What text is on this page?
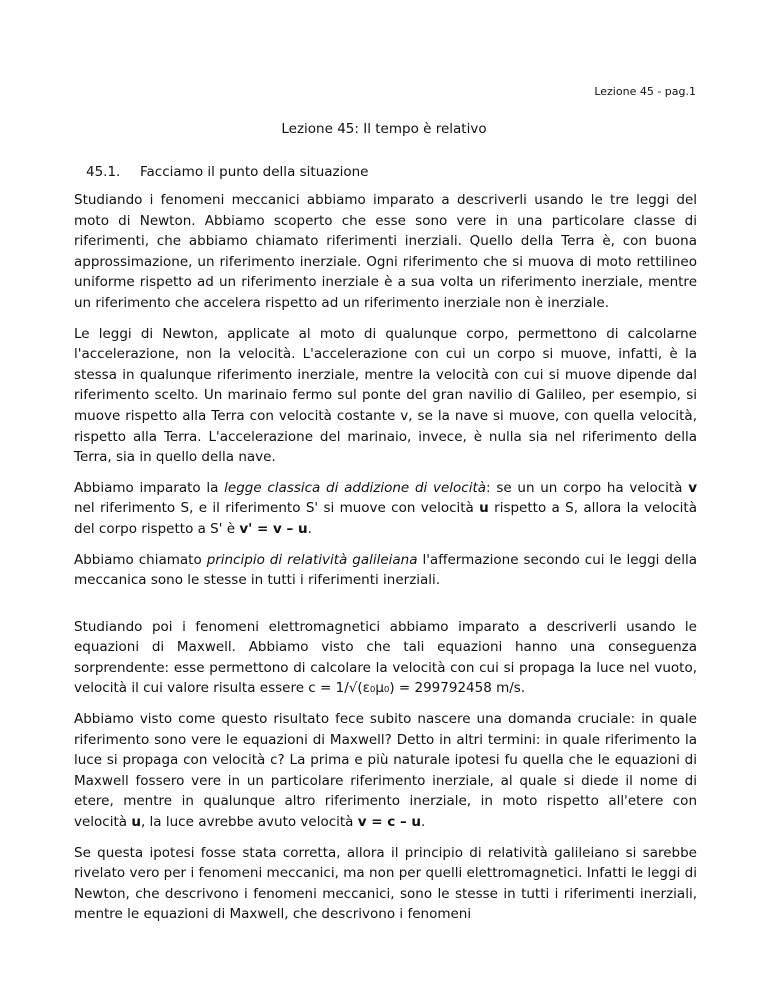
Lezione 45 - pag.1
Lezione 45: Il tempo è relativo
45.1. Facciamo il punto della situazione

Studiando i fenomeni meccanici abbiamo imparato a descriverli usando le tre leggi del moto di Newton. Abbiamo scoperto che esse sono vere in una particolare classe di riferimenti, che abbiamo chiamato riferimenti inerziali. Quello della Terra è, con buona approssimazione, un riferimento inerziale. Ogni riferimento che si muova di moto rettilineo uniforme rispetto ad un riferimento inerziale è a sua volta un riferimento inerziale, mentre un riferimento che accelera rispetto ad un riferimento inerziale non è inerziale.

Le leggi di Newton, applicate al moto di qualunque corpo, permettono di calcolarne l'accelerazione, non la velocità. L'accelerazione con cui un corpo si muove, infatti, è la stessa in qualunque riferimento inerziale, mentre la velocità con cui si muove dipende dal riferimento scelto. Un marinaio fermo sul ponte del gran navilio di Galileo, per esempio, si muove rispetto alla Terra con velocità costante v, se la nave si muove, con quella velocità, rispetto alla Terra. L'accelerazione del marinaio, invece, è nulla sia nel riferimento della Terra, sia in quello della nave.

Abbiamo imparato la legge classica di addizione di velocità: se un un corpo ha velocità v nel riferimento S, e il riferimento S' si muove con velocità u rispetto a S, allora la velocità del corpo rispetto a S' è v' = v – u.

Abbiamo chiamato principio di relatività galileiana l'affermazione secondo cui le leggi della meccanica sono le stesse in tutti i riferimenti inerziali.

Studiando poi i fenomeni elettromagnetici abbiamo imparato a descriverli usando le equazioni di Maxwell. Abbiamo visto che tali equazioni hanno una conseguenza sorprendente: esse permettono di calcolare la velocità con cui si propaga la luce nel vuoto, velocità il cui valore risulta essere c = 1/√(ε₀μ₀) = 299792458 m/s.

Abbiamo visto come questo risultato fece subito nascere una domanda cruciale: in quale riferimento sono vere le equazioni di Maxwell? Detto in altri termini: in quale riferimento la luce si propaga con velocità c? La prima e più naturale ipotesi fu quella che le equazioni di Maxwell fossero vere in un particolare riferimento inerziale, al quale si diede il nome di etere, mentre in qualunque altro riferimento inerziale, in moto rispetto all'etere con velocità u, la luce avrebbe avuto velocità v = c – u.

Se questa ipotesi fosse stata corretta, allora il principio di relatività galileiano si sarebbe rivelato vero per i fenomeni meccanici, ma non per quelli elettromagnetici. Infatti le leggi di Newton, che descrivono i fenomeni meccanici, sono le stesse in tutti i riferimenti inerziali, mentre le equazioni di Maxwell, che descrivono i fenomeni
